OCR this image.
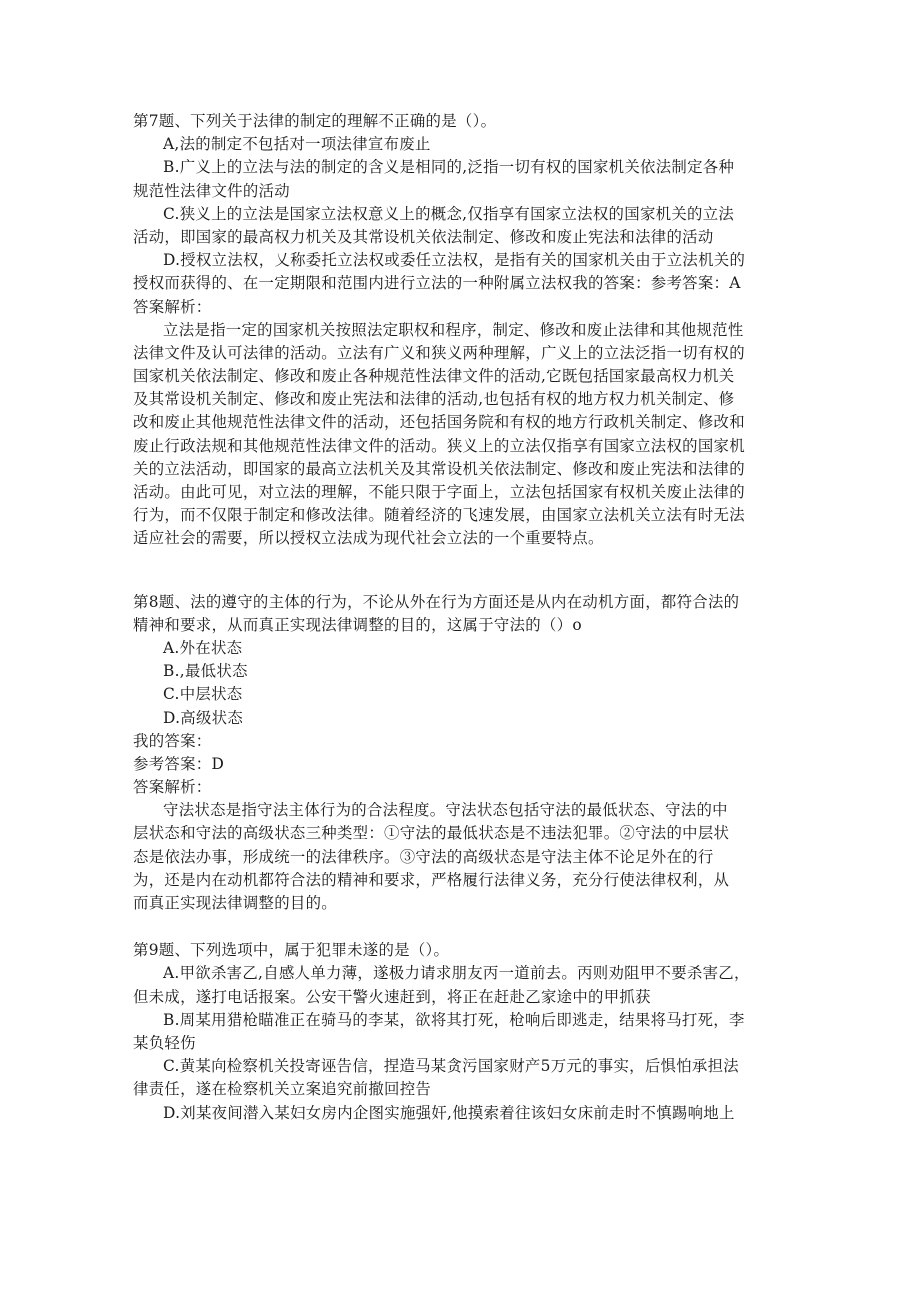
第7题、下列关于法律的制定的理解不正确的是（）。
A,法的制定不包括对一项法律宣布废止
B.广义上的立法与法的制定的含义是相同的,泛指一切有权的国家机关依法制定各种
规范性法律文件的活动
C.狭义上的立法是国家立法权意义上的概念,仅指享有国家立法权的国家机关的立法
活动，即国家的最高权力机关及其常设机关依法制定、修改和废止宪法和法律的活动
D.授权立法权，乂称委托立法权或委任立法权，是指有关的国家机关由于立法机关的
授权而获得的、在一定期限和范围内进行立法的一种附属立法权我的答案：参考答案：A
答案解析：
立法是指一定的国家机关按照法定职权和程序，制定、修改和废止法律和其他规范性
法律文件及认可法律的活动。立法有广义和狭义两种理解，广义上的立法泛指一切有权的
国家机关依法制定、修改和废止各种规范性法律文件的活动,它既包括国家最高权力机关
及其常设机关制定、修改和废止宪法和法律的活动,也包括有权的地方权力机关制定、修
改和废止其他规范性法律文件的活动，还包括国务院和有权的地方行政机关制定、修改和
废止行政法规和其他规范性法律文件的活动。狭义上的立法仅指享有国家立法权的国家机
关的立法活动，即国家的最高立法机关及其常设机关依法制定、修改和废止宪法和法律的
活动。由此可见，对立法的理解，不能只限于字面上，立法包括国家有权机关废止法律的
行为，而不仅限于制定和修改法律。随着经济的飞速发展，由国家立法机关立法有时无法
适应社会的需要，所以授权立法成为现代社会立法的一个重要特点。
第8题、法的遵守的主体的行为，不论从外在行为方面还是从内在动机方面，都符合法的
精神和要求，从而真正实现法律调整的目的，这属于守法的（）o
A.外在状态
B.,最低状态
C.中层状态
D.高级状态
我的答案：
参考答案：D
答案解析：
守法状态是指守法主体行为的合法程度。守法状态包括守法的最低状态、守法的中
层状态和守法的高级状态三种类型：①守法的最低状态是不违法犯罪。②守法的中层状
态是依法办事，形成统一的法律秩序。③守法的高级状态是守法主体不论足外在的行
为，还是内在动机都符合法的精神和要求，严格履行法律义务，充分行使法律权利，从
而真正实现法律调整的目的。
第9题、下列选项中，属于犯罪未遂的是（）。
A.甲欲杀害乙,自感人单力薄，遂极力请求朋友丙一道前去。丙则劝阻甲不要杀害乙，
但未成，遂打电话报案。公安干警火速赶到，将正在赶赴乙家途中的甲抓获
B.周某用猎枪瞄准正在骑马的李某，欲将其打死，枪响后即逃走，结果将马打死，李
某负轻伤
C.黄某向检察机关投寄诬告信，捏造马某贪污国家财产5万元的事实，后惧怕承担法
律责任，遂在检察机关立案追究前撤回控告
D.刘某夜间潜入某妇女房内企图实施强奸,他摸索着往该妇女床前走时不慎踢响地上
